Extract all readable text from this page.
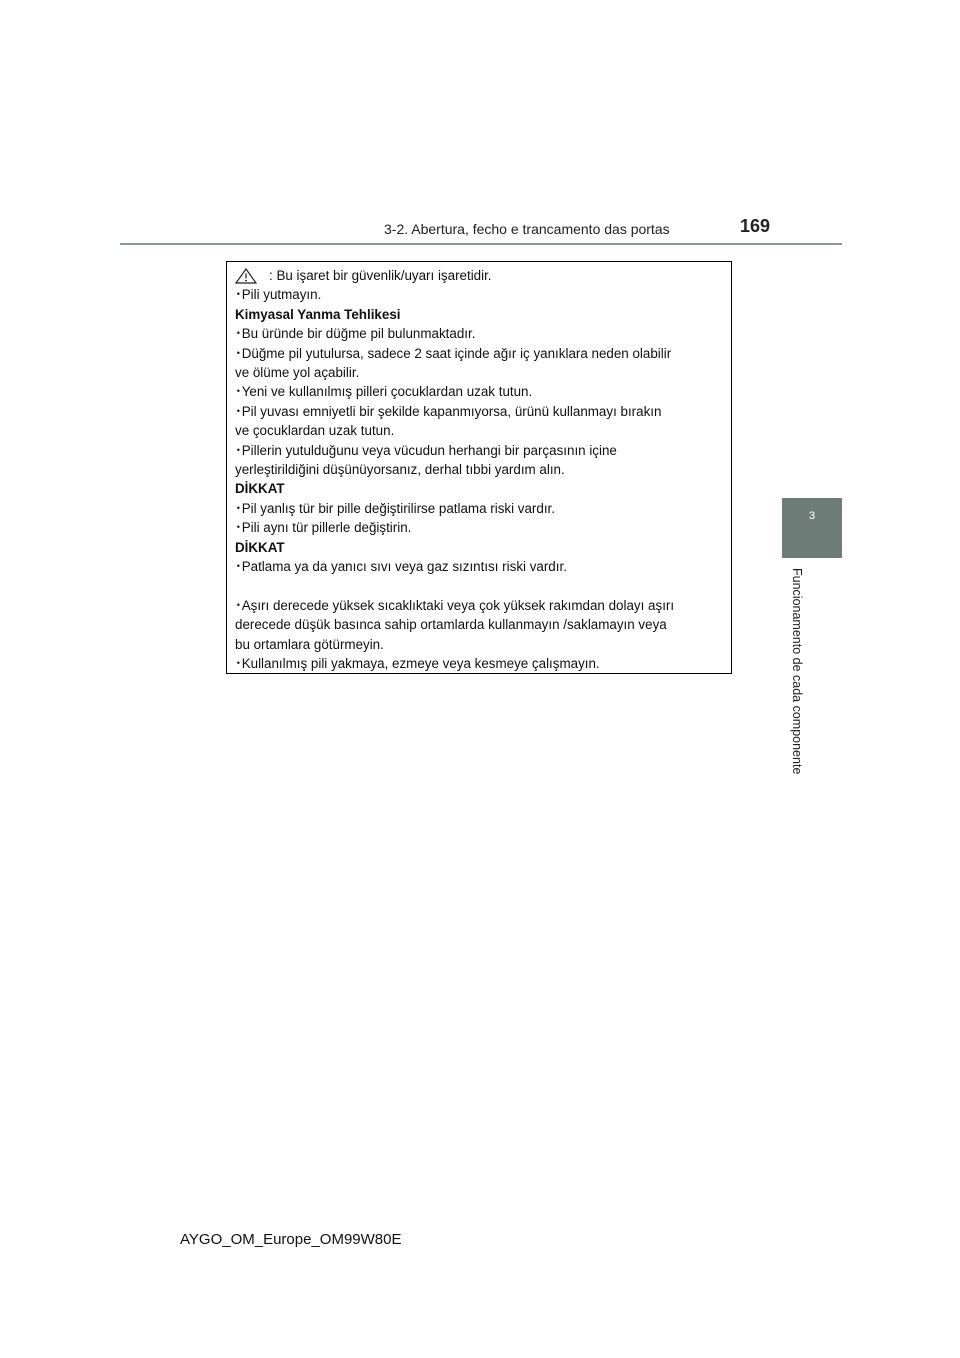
3-2. Abertura, fecho e trancamento das portas	169
3
Funcionamento de cada componente
: Bu işaret bir güvenlik/uyarı işaretidir.
･Pili yutmayın.
Kimyasal Yanma Tehlikesi
･Bu üründe bir düğme pil bulunmaktadır.
･Düğme pil yutulursa, sadece 2 saat içinde ağır iç yanıklara neden olabilir
ve ölüme yol açabilir.
･Yeni ve kullanılmış pilleri çocuklardan uzak tutun.
･Pil yuvası emniyetli bir şekilde kapanmıyorsa, ürünü kullanmayı bırakın
ve çocuklardan uzak tutun.
･Pillerin yutulduğunu veya vücudun herhangi bir parçasının içine
yerleştirildiğini düşünüyorsanız, derhal tıbbi yardım alın.
DİKKAT
･Pil yanlış tür bir pille değiştirilirse patlama riski vardır.
･Pili aynı tür pillerle değiştirin.
DİKKAT
･Patlama ya da yanıcı sıvı veya gaz sızıntısı riski vardır.
･Aşırı derecede yüksek sıcaklıktaki veya çok yüksek rakımdan dolayı aşırı
derecede düşük basınca sahip ortamlarda kullanmayın /saklamayın veya
bu ortamlara götürmeyin.
･Kullanılmış pili yakmaya, ezmeye veya kesmeye çalışmayın.
AYGO_OM_Europe_OM99W80E
